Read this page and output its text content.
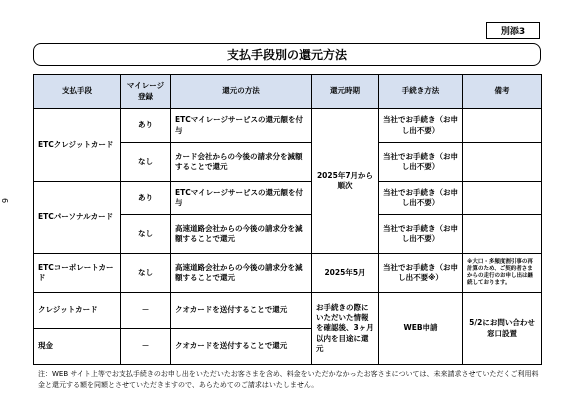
6
別添3
支払手段別の還元方法
支払手段	マイレージ登録	還元の方法	還元時期	手続き方法	備考
ETCクレジットカード	あり	ETCマイレージサービスの還元額を付与	2025年7月から順次	当社でお手続き（お申し出不要）	
	なし	カード会社からの今後の請求分を減額することで還元		当社でお手続き（お申し出不要）	
ETCパーソナルカード	あり	ETCマイレージサービスの還元額を付与		当社でお手続き（お申し出不要）	
	なし	高速道路会社からの今後の請求分を減額することで還元		当社でお手続き（お申し出不要）	
ETCコーポレートカード	なし	高速道路会社からの今後の請求分を減額することで還元	2025年5月	当社でお手続き（お申し出不要※）	※大口・多頻度割引事の再計算のため、ご契約者さまからの走行のお申し出は継続しております。
クレジットカード	－	クオカードを送付することで還元	お手続きの際にいただいた情報を確認後、3ヶ月以内を目途に還元	WEB申請	5/2にお問い合わせ窓口設置
現金	－	クオカードを送付することで還元			
注：WEB サイト上等でお支払手続きのお申し出をいただいたお客さまを含め、料金をいただかなかったお客さまについては、未来請求させていただくご利用料金と還元する額を同額とさせていただきますので、あらためてのご請求はいたしません。
